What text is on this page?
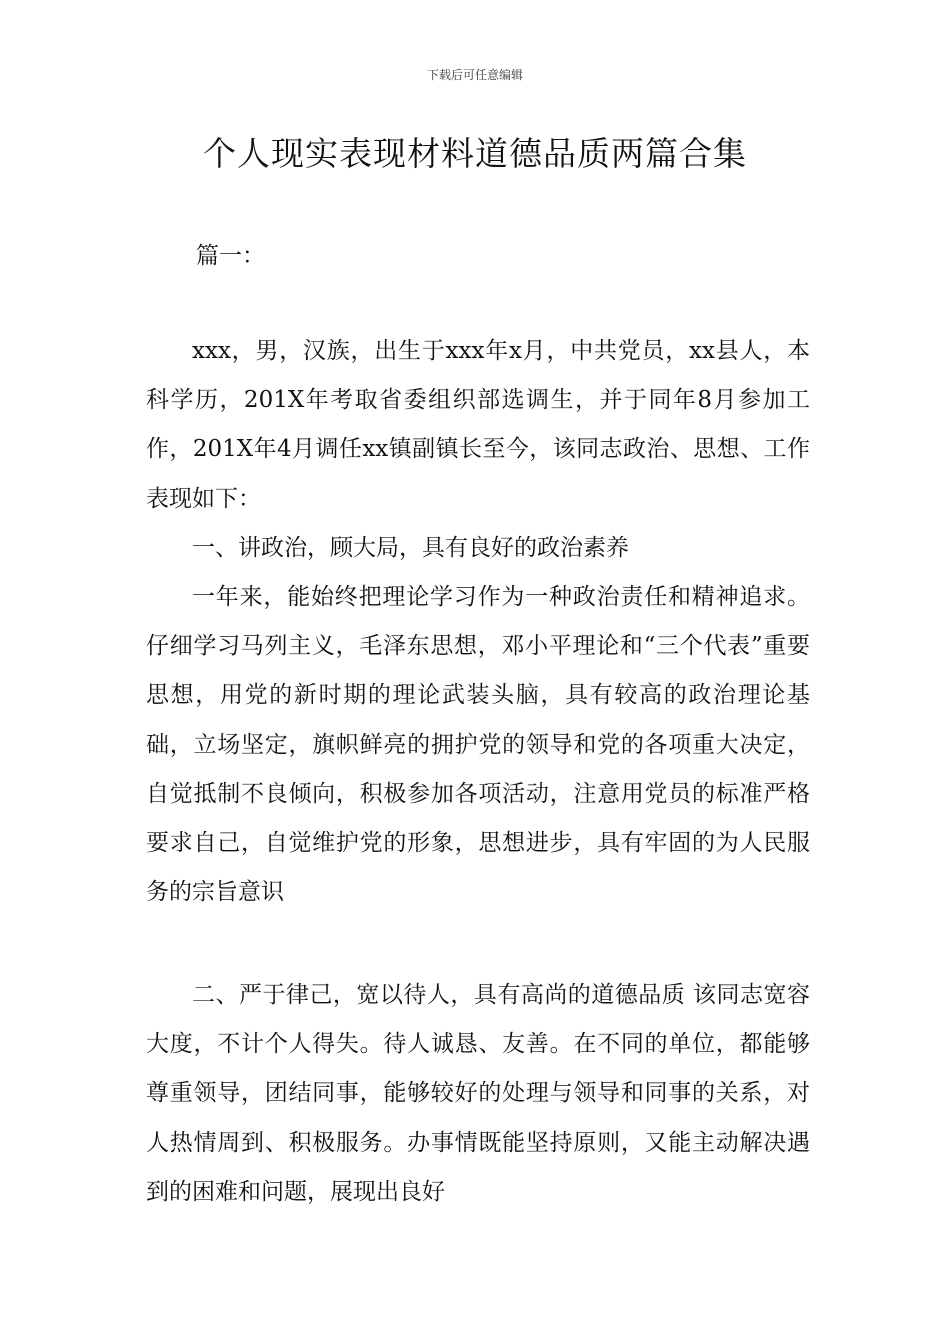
下载后可任意编辑
个人现实表现材料道德品质两篇合集
篇一：

xxx，男，汉族，出生于xxx年x月，中共党员，xx县人，本科学历，201X年考取省委组织部选调生，并于同年8月参加工作，201X年4月调任xx镇副镇长至今，该同志政治、思想、工作表现如下：

一、讲政治，顾大局，具有良好的政治素养

一年来，能始终把理论学习作为一种政治责任和精神追求。仔细学习马列主义，毛泽东思想，邓小平理论和“三个代表”重要思想，用党的新时期的理论武装头脑，具有较高的政治理论基础，立场坚定，旗帜鲜亮的拥护党的领导和党的各项重大决定，自觉抵制不良倾向，积极参加各项活动，注意用党员的标准严格要求自己，自觉维护党的形象，思想进步，具有牢固的为人民服务的宗旨意识

二、严于律己，宽以待人，具有高尚的道德品质 该同志宽容大度，不计个人得失。待人诚恳、友善。在不同的单位，都能够尊重领导，团结同事，能够较好的处理与领导和同事的关系，对人热情周到、积极服务。办事情既能坚持原则，又能主动解决遇到的困难和问题，展现出良好
